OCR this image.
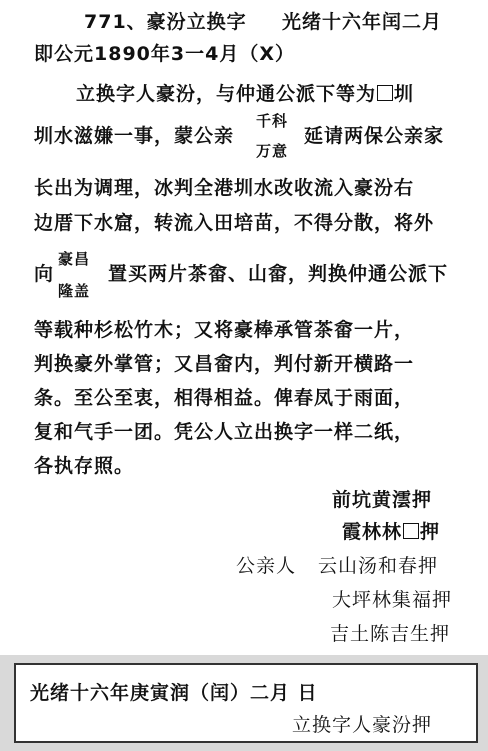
771、豪汾立换字 光绪十六年闰二月
即公元1890年3一4月（X）
立换字人豪汾，与仲通公派下等为 圳
圳水滋嫌一事，蒙公亲
千科
万意
延请两保公亲家
长出为调理，冰判全港圳水改收流入豪汾右
边厝下水窟，转流入田培苗，不得分散，将外
向
豪昌
隆盖
置买两片茶畲、山畲，判换仲通公派下
等载种杉松竹木；又将豪棒承管茶畲一片，
判换豪外掌管；又昌畲内，判付新开横路一
条。至公至衷，相得相益。俾春凤于雨面，
复和气手一团。凭公人立出换字一样二纸，
各执存照。
前坑黄澐押
霞林林 押
公亲人 云山汤和春押
大坪林集福押
吉土陈吉生押
光绪十六年庚寅润（闰）二月 日
立换字人豪汾押
